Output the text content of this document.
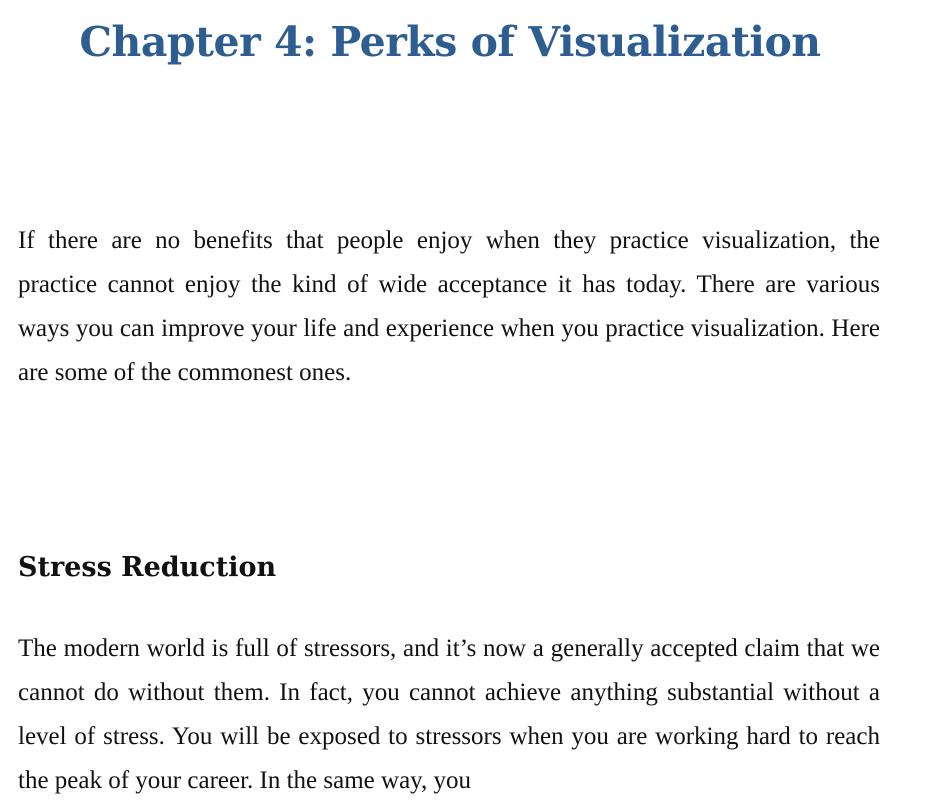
Chapter 4: Perks of Visualization

If there are no benefits that people enjoy when they practice visualization, the practice cannot enjoy the kind of wide acceptance it has today. There are various ways you can improve your life and experience when you practice visualization. Here are some of the commonest ones.

Stress Reduction

The modern world is full of stressors, and it’s now a generally accepted claim that we cannot do without them. In fact, you cannot achieve anything substantial without a level of stress. You will be exposed to stressors when you are working hard to reach the peak of your career. In the same way, you
